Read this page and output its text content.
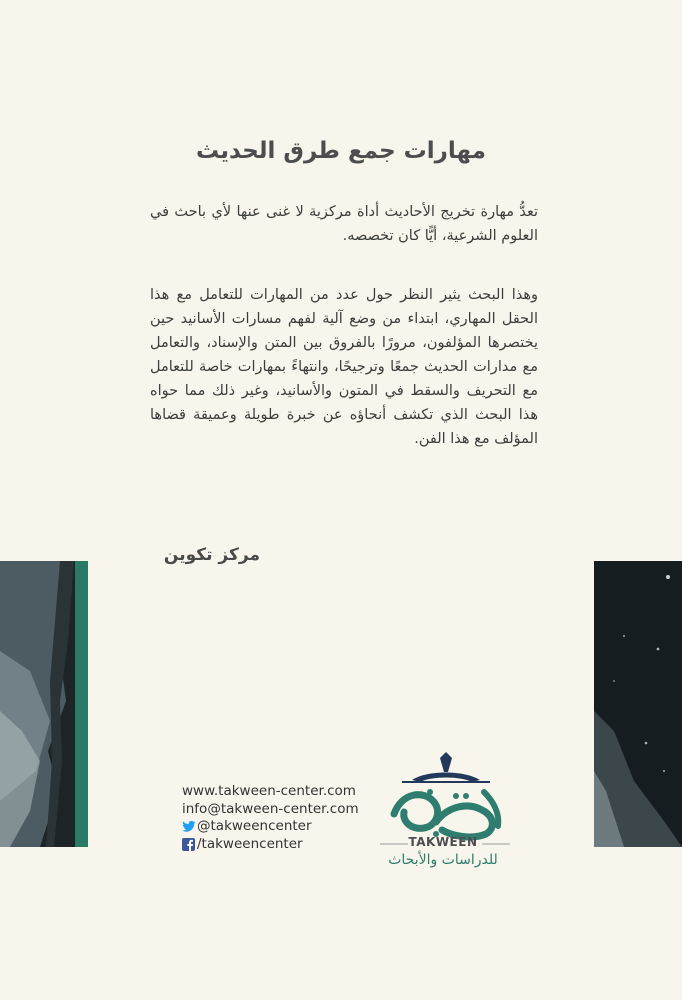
مهارات جمع طرق الحديث

تعدُّ مهارة تخريج الأحاديث أداة مركزية لا غنى عنها لأي باحث في العلوم الشرعية، أيًّا كان تخصصه.

وهذا البحث يثير النظر حول عدد من المهارات للتعامل مع هذا الحقل المهاري، ابتداء من وضع آلية لفهم مسارات الأسانيد حين يختصرها المؤلفون، مرورًا بالفروق بين المتن والإسناد، والتعامل مع مدارات الحديث جمعًا وترجيحًا، وانتهاءً بمهارات خاصة للتعامل مع التحريف والسقط في المتون والأسانيد، وغير ذلك مما حواه هذا البحث الذي تكشف أنحاؤه عن خبرة طويلة وعميقة قضاها المؤلف مع هذا الفن.

مركز تكوين
www.takween-center.com
info@takween-center.com
@takweencenter
/takweencenter	TAKWEEN
للدراسات والأبحاث
